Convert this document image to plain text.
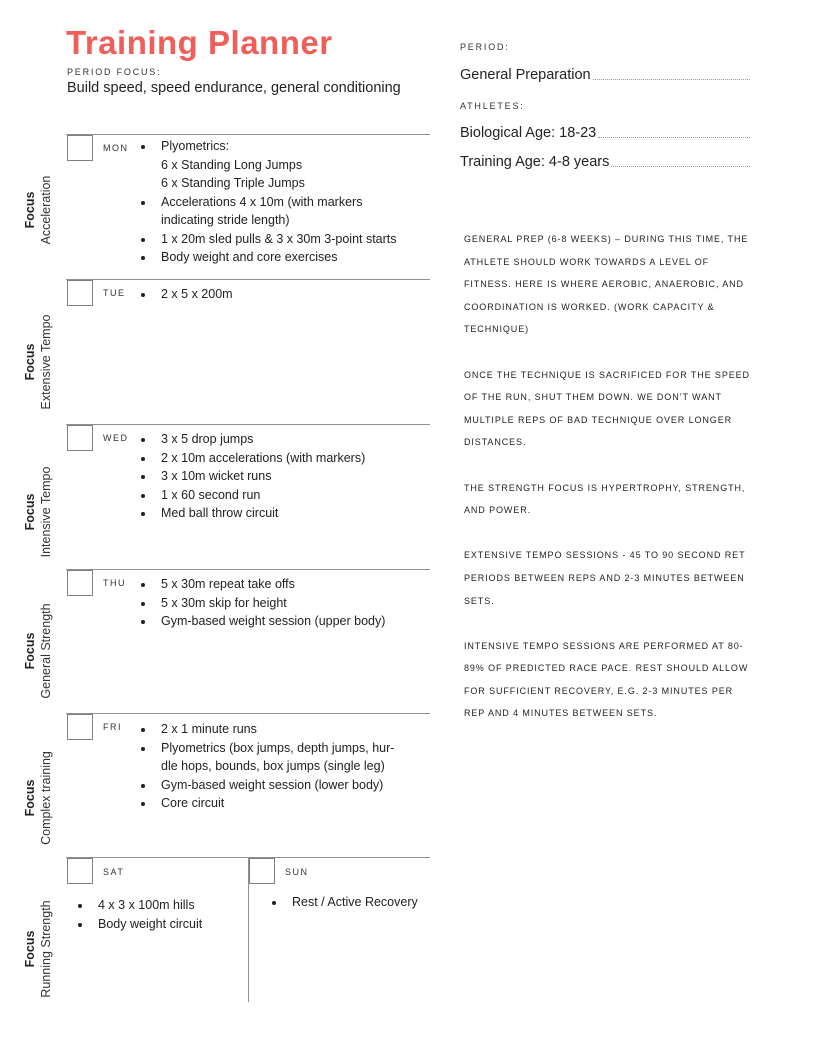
Training Planner
PERIOD FOCUS:
Build speed, speed endurance, general conditioning
PERIOD:
General Preparation
ATHLETES:
Biological Age: 18-23
Training Age: 4-8 years
MON
Focus Acceleration
• Plyometrics:
6 x Standing Long Jumps
6 x Standing Triple Jumps
• Accelerations 4 x 10m (with markers
indicating stride length)
• 1 x 20m sled pulls & 3 x 30m 3-point starts
• Body weight and core exercises
TUE
Focus Extensive Tempo
• 2 x 5 x 200m
WED
Focus Intensive Tempo
• 3 x 5 drop jumps
• 2 x 10m accelerations (with markers)
• 3 x 10m wicket runs
• 1 x 60 second run
• Med ball throw circuit
THU
Focus General Strength
• 5 x 30m repeat take offs
• 5 x 30m skip for height
• Gym-based weight session (upper body)
FRI
Focus Complex training
• 2 x 1 minute runs
• Plyometrics (box jumps, depth jumps, hur-
dle hops, bounds, box jumps (single leg)
• Gym-based weight session (lower body)
• Core circuit
SAT
Focus Running Strength	• 4 x 3 x 100m hills
• Body weight circuit
SUN
• Rest / Active Recovery

GENERAL PREP (6-8 WEEKS) – DURING THIS TIME, THE ATHLETE SHOULD WORK TOWARDS A LEVEL OF FITNESS. HERE IS WHERE AEROBIC, ANAEROBIC, AND COORDINATION IS WORKED. (WORK CAPACITY & TECHNIQUE)

ONCE THE TECHNIQUE IS SACRIFICED FOR THE SPEED OF THE RUN, SHUT THEM DOWN. WE DON’T WANT MULTIPLE REPS OF BAD TECHNIQUE OVER LONGER DISTANCES.

THE STRENGTH FOCUS IS HYPERTROPHY, STRENGTH, AND POWER.

EXTENSIVE TEMPO SESSIONS - 45 TO 90 SECOND RET PERIODS BETWEEN REPS AND 2-3 MINUTES BETWEEN SETS.

INTENSIVE TEMPO SESSIONS ARE PERFORMED AT 80-89% OF PREDICTED RACE PACE. REST SHOULD ALLOW FOR SUFFICIENT RECOVERY, E.G. 2-3 MINUTES PER REP AND 4 MINUTES BETWEEN SETS.
